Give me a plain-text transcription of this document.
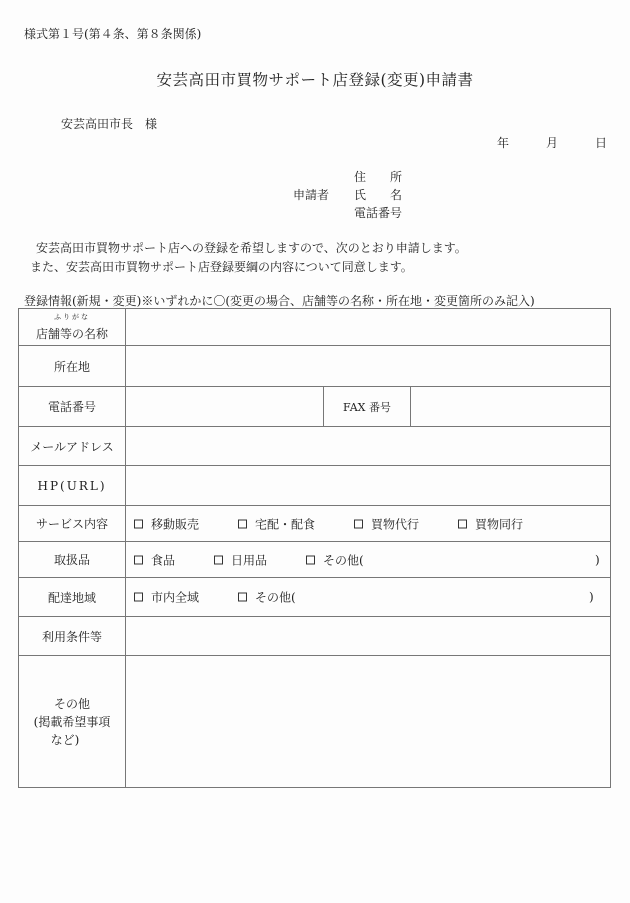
様式第１号(第４条、第８条関係)
安芸高田市買物サポート店登録(変更)申請書
安芸高田市長　様
年	月	日
申請者
住　　所
氏　　名
電話番号
安芸高田市買物サポート店への登録を希望しますので、次のとおり申請します。
また、安芸高田市買物サポート店登録要綱の内容について同意します。
登録情報(新規・変更)※いずれかに〇(変更の場合、店舗等の名称・所在地・変更箇所のみ記入)
ふりがな
店舗等の名称
所在地
電話番号	FAX 番号
メールアドレス
HP(URL)
サービス内容	移動販売	宅配・配食	買物代行	買物同行
取扱品	食品	日用品	その他(	)
配達地域	市内全域	その他(	)
利用条件等
その他
(掲載希望事項
など)
